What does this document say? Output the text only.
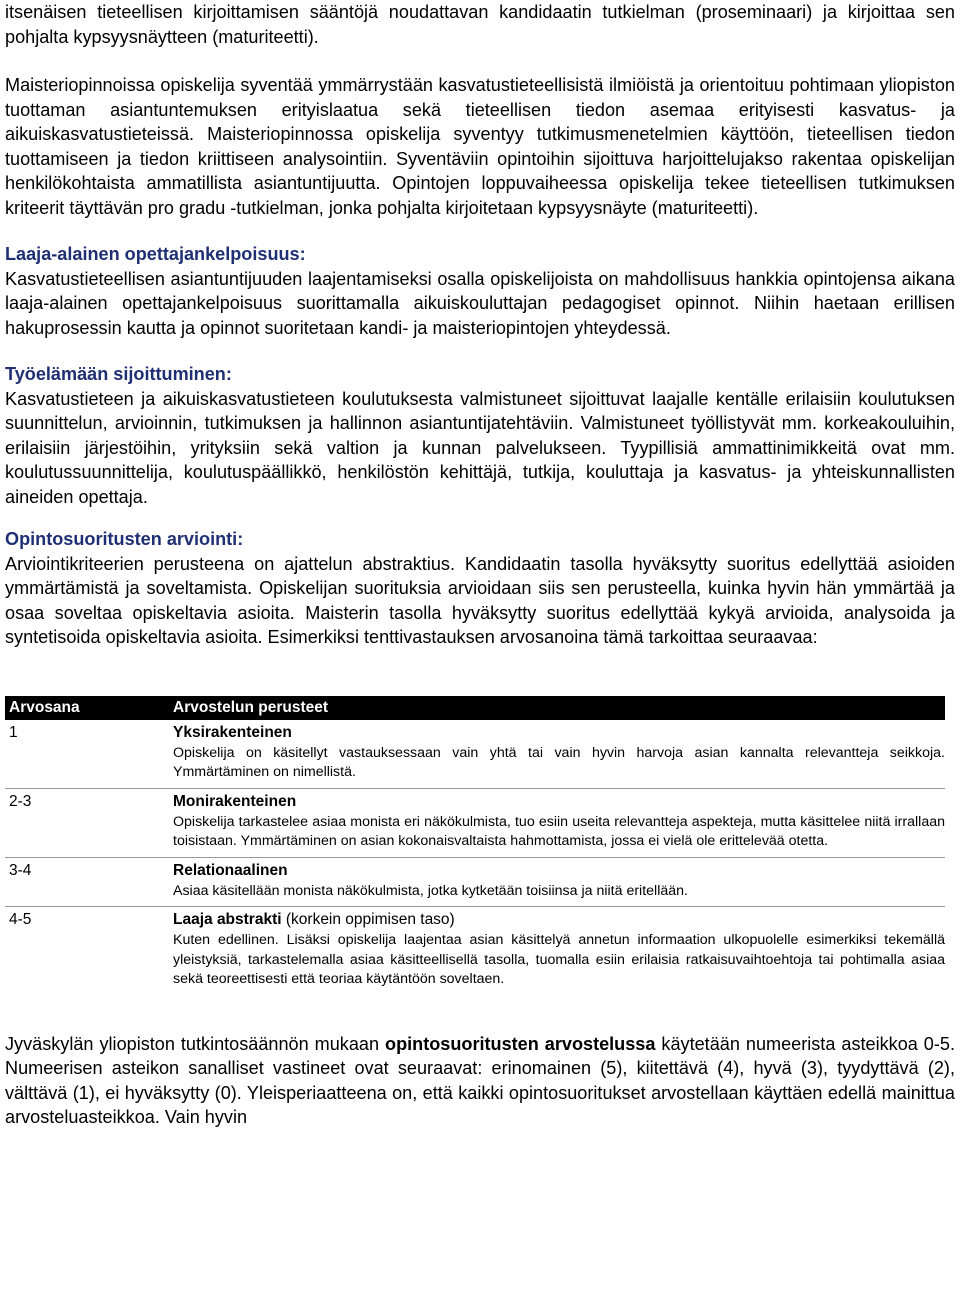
itsenäisen tieteellisen kirjoittamisen sääntöjä noudattavan kandidaatin tutkielman (proseminaari) ja kirjoittaa sen pohjalta kypsyysnäytteen (maturiteetti).

Maisteriopinnoissa opiskelija syventää ymmärrystään kasvatustieteellisistä ilmiöistä ja orientoituu pohtimaan yliopiston tuottaman asiantuntemuksen erityislaatua sekä tieteellisen tiedon asemaa erityisesti kasvatus- ja aikuiskasvatustieteissä. Maisteriopinnossa opiskelija syventyy tutkimusmenetelmien käyttöön, tieteellisen tiedon tuottamiseen ja tiedon kriittiseen analysointiin. Syventäviin opintoihin sijoittuva harjoittelujakso rakentaa opiskelijan henkilökohtaista ammatillista asiantuntijuutta. Opintojen loppuvaiheessa opiskelija tekee tieteellisen tutkimuksen kriteerit täyttävän pro gradu -tutkielman, jonka pohjalta kirjoitetaan kypsyysnäyte (maturiteetti).

Laaja-alainen opettajankelpoisuus:

Kasvatustieteellisen asiantuntijuuden laajentamiseksi osalla opiskelijoista on mahdollisuus hankkia opintojensa aikana laaja-alainen opettajankelpoisuus suorittamalla aikuiskouluttajan pedagogiset opinnot. Niihin haetaan erillisen hakuprosessin kautta ja opinnot suoritetaan kandi- ja maisteriopintojen yhteydessä.

Työelämään sijoittuminen:

Kasvatustieteen ja aikuiskasvatustieteen koulutuksesta valmistuneet sijoittuvat laajalle kentälle erilaisiin koulutuksen suunnittelun, arvioinnin, tutkimuksen ja hallinnon asiantuntijatehtäviin. Valmistuneet työllistyvät mm. korkeakouluihin, erilaisiin järjestöihin, yrityksiin sekä valtion ja kunnan palvelukseen. Tyypillisiä ammattinimikkeitä ovat mm. koulutussuunnittelija, koulutuspäällikkö, henkilöstön kehittäjä, tutkija, kouluttaja ja kasvatus- ja yhteiskunnallisten aineiden opettaja.

Opintosuoritusten arviointi:

Arviointikriteerien perusteena on ajattelun abstraktius. Kandidaatin tasolla hyväksytty suoritus edellyttää asioiden ymmärtämistä ja soveltamista. Opiskelijan suorituksia arvioidaan siis sen perusteella, kuinka hyvin hän ymmärtää ja osaa soveltaa opiskeltavia asioita. Maisterin tasolla hyväksytty suoritus edellyttää kykyä arvioida, analysoida ja syntetisoida opiskeltavia asioita. Esimerkiksi tenttivastauksen arvosanoina tämä tarkoittaa seuraavaa:

Arvosana	Arvostelun perusteet
1	Yksirakenteinen
	Opiskelija on käsitellyt vastauksessaan vain yhtä tai vain hyvin harvoja asian kannalta relevantteja seikkoja. Ymmärtäminen on nimellistä.
2-3	Monirakenteinen
	Opiskelija tarkastelee asiaa monista eri näkökulmista, tuo esiin useita relevantteja aspekteja, mutta käsittelee niitä irrallaan toisistaan. Ymmärtäminen on asian kokonaisvaltaista hahmottamista, jossa ei vielä ole erittelevää otetta.
3-4	Relationaalinen
	Asiaa käsitellään monista näkökulmista, jotka kytketään toisiinsa ja niitä eritellään.
4-5	Laaja abstrakti (korkein oppimisen taso)
	Kuten edellinen. Lisäksi opiskelija laajentaa asian käsittelyä annetun informaation ulkopuolelle esimerkiksi tekemällä yleistyksiä, tarkastelemalla asiaa käsitteellisellä tasolla, tuomalla esiin erilaisia ratkaisuvaihtoehtoja tai pohtimalla asiaa sekä teoreettisesti että teoriaa käytäntöön soveltaen.

Jyväskylän yliopiston tutkintosäännön mukaan opintosuoritusten arvostelussa käytetään numeerista asteikkoa 0-5. Numeerisen asteikon sanalliset vastineet ovat seuraavat: erinomainen (5), kiitettävä (4), hyvä (3), tyydyttävä (2), välttävä (1), ei hyväksytty (0). Yleisperiaatteena on, että kaikki opintosuoritukset arvostellaan käyttäen edellä mainittua arvosteluasteikkoa. Vain hyvin
